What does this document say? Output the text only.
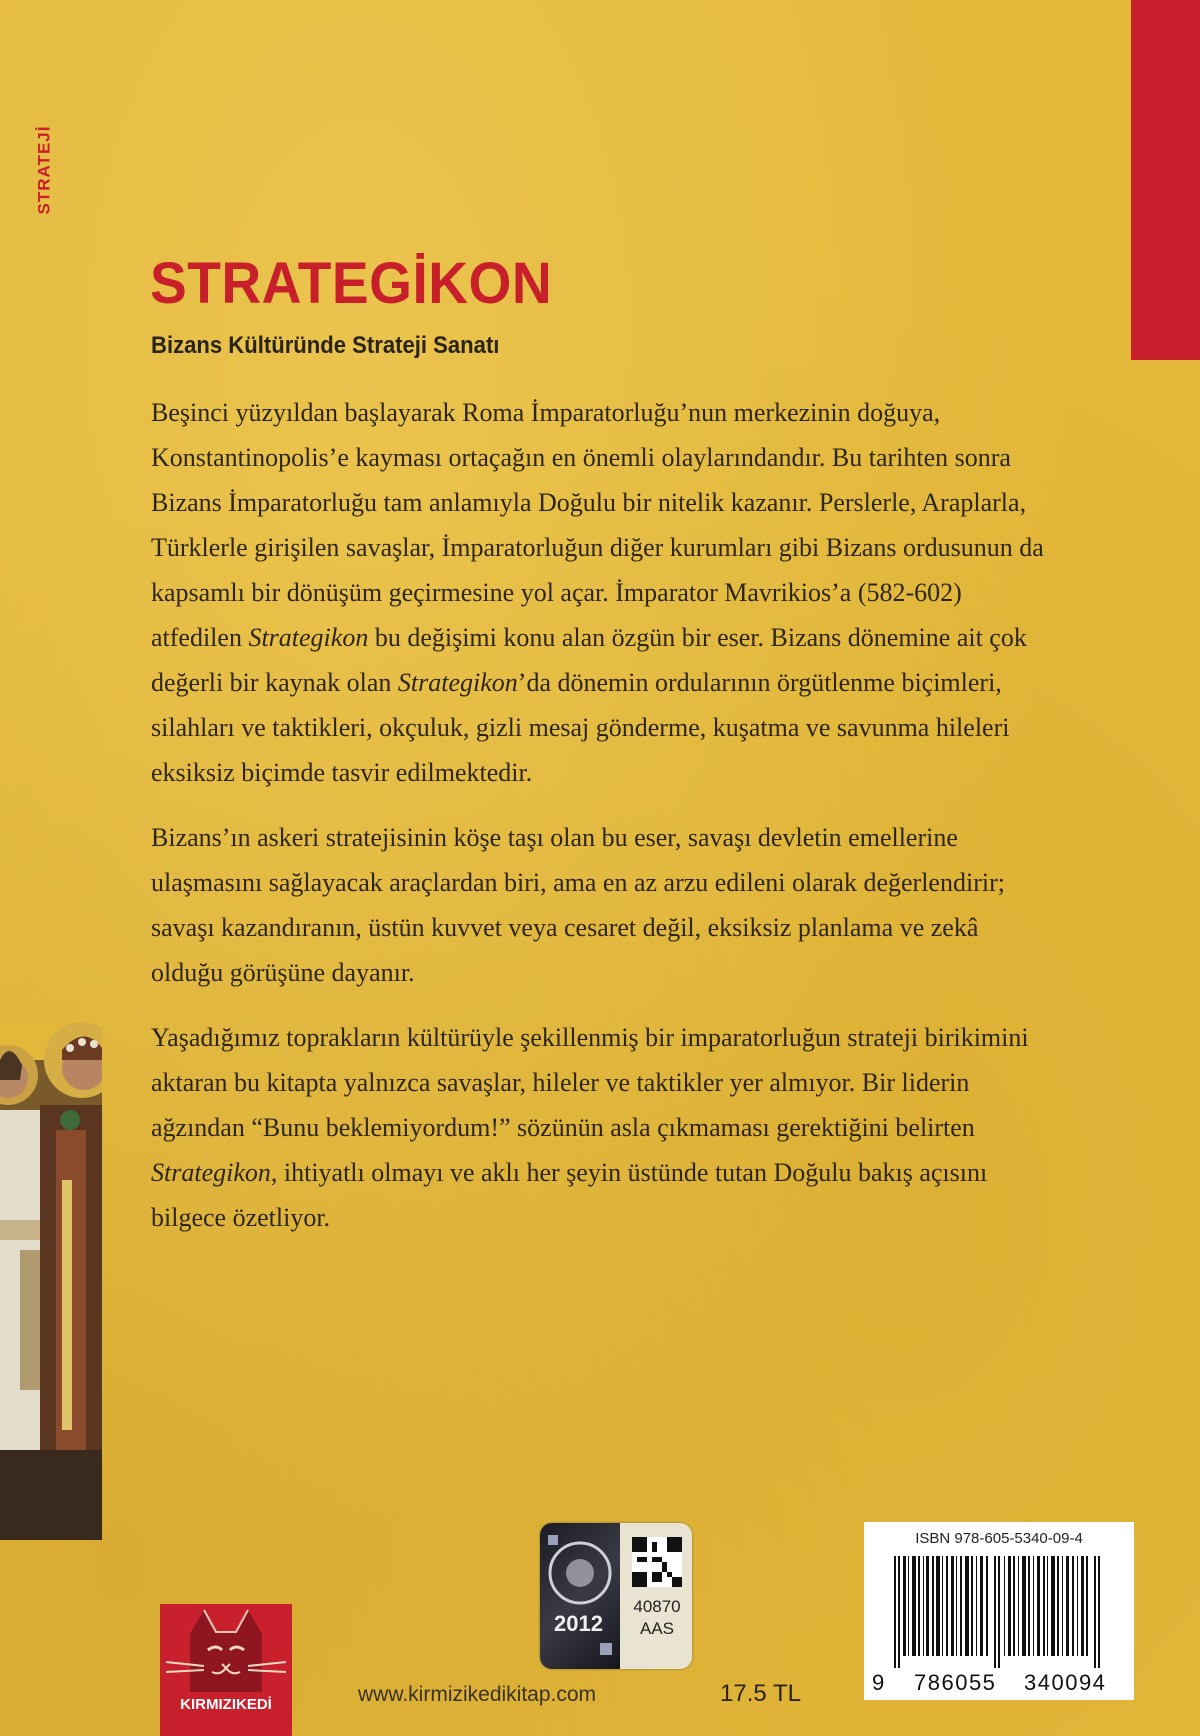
STRATEJİ
STRATEGİKON
Bizans Kültüründe Strateji Sanatı

Beşinci yüzyıldan başlayarak Roma İmparatorluğu’nun merkezinin doğuya, Konstantinopolis’e kayması ortaçağın en önemli olaylarındandır. Bu tarihten sonra Bizans İmparatorluğu tam anlamıyla Doğulu bir nitelik kazanır. Perslerle, Araplarla, Türklerle girişilen savaşlar, İmparatorluğun diğer kurumları gibi Bizans ordusunun da kapsamlı bir dönüşüm geçirmesine yol açar. İmparator Mavrikios’a (582-602) atfedilen Strategikon bu değişimi konu alan özgün bir eser. Bizans dönemine ait çok değerli bir kaynak olan Strategikon’da dönemin ordularının örgütlenme biçimleri, silahları ve taktikleri, okçuluk, gizli mesaj gönderme, kuşatma ve savunma hileleri eksiksiz biçimde tasvir edilmektedir.

Bizans’ın askeri stratejisinin köşe taşı olan bu eser, savaşı devletin emellerine ulaşmasını sağlayacak araçlardan biri, ama en az arzu edileni olarak değerlendirir; savaşı kazandıranın, üstün kuvvet veya cesaret değil, eksiksiz planlama ve zekâ olduğu görüşüne dayanır.

Yaşadığımız toprakların kültürüyle şekillenmiş bir imparatorluğun strateji birikimini aktaran bu kitapta yalnızca savaşlar, hileler ve taktikler yer almıyor. Bir liderin ağzından “Bunu beklemiyordum!” sözünün asla çıkmaması gerektiğini belirten Strategikon, ihtiyatlı olmayı ve aklı her şeyin üstünde tutan Doğulu bakış açısını bilgece özetliyor.

2012
40870
AAS
ISBN 978-605-5340-09-4
9 786055 340094
KIRMIZIKEDİ	www.kirmizikedikitap.com	17.5 TL
